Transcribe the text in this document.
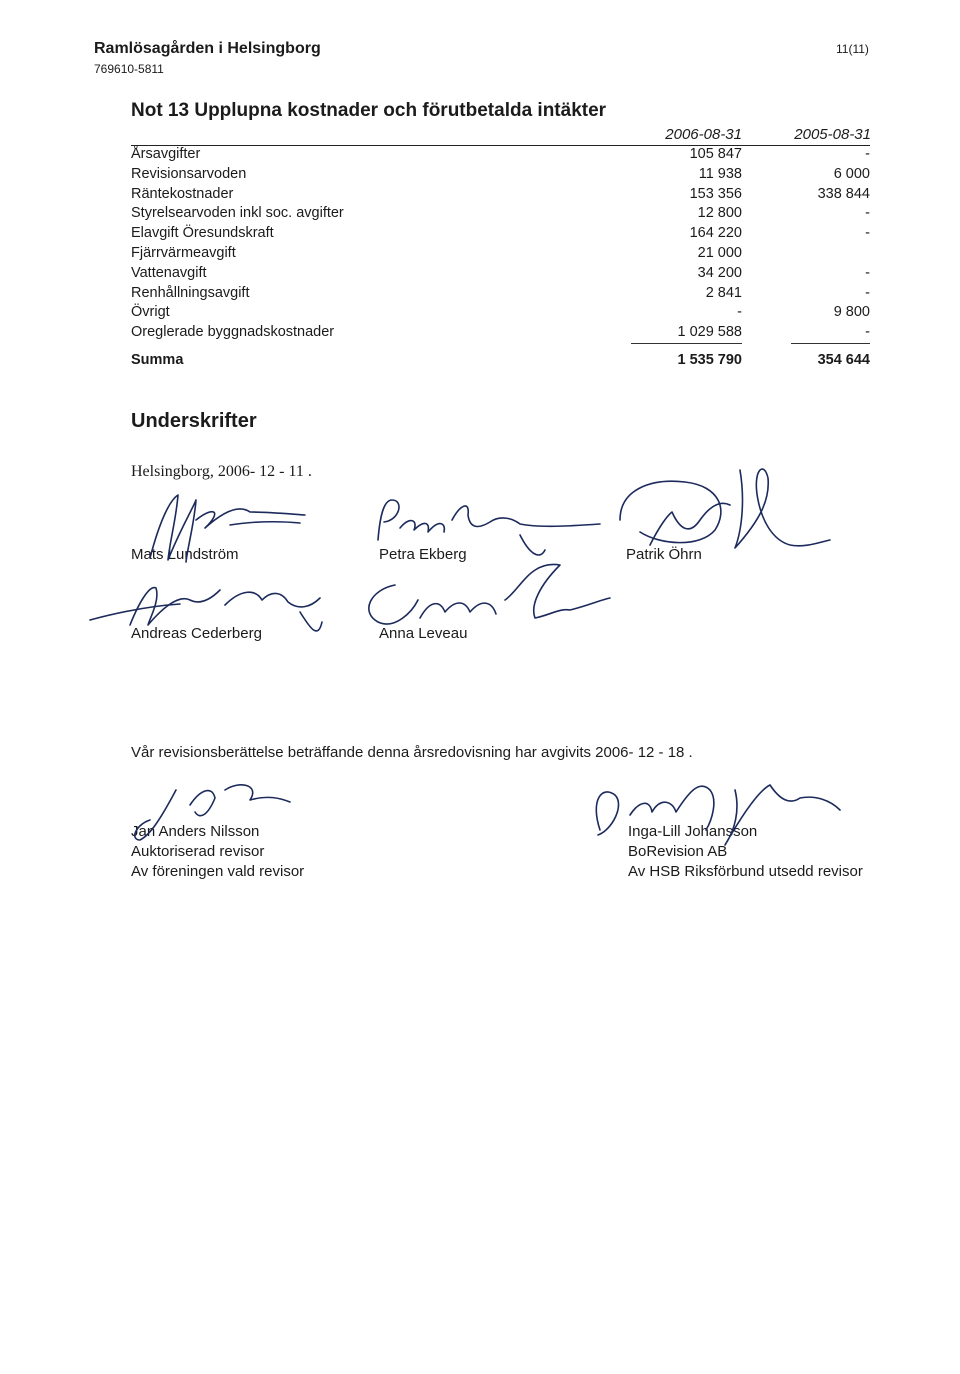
Ramlösagården i Helsingborg
769610-5811
11(11)
Not 13 Upplupna kostnader och förutbetalda intäkter
2006-08-31	2005-08-31
Årsavgifter	105 847	-
Revisionsarvoden	11 938	6 000
Räntekostnader	153 356	338 844
Styrelsearvoden inkl soc. avgifter	12 800	-
Elavgift Öresundskraft	164 220	-
Fjärrvärmeavgift	21 000	
Vattenavgift	34 200	-
Renhållningsavgift	2 841	-
Övrigt	-	9 800
Oreglerade byggnadskostnader	1 029 588	-
Summa	1 535 790	354 644
Underskrifter
Helsingborg, 2006- 12 - 11 .
Mats Lundström	Petra Ekberg	Patrik Öhrn
Andreas Cederberg	Anna Leveau
Vår revisionsberättelse beträffande denna årsredovisning har avgivits 2006- 12 - 18 .
Jan Anders Nilsson
Auktoriserad revisor
Av föreningen vald revisor
Inga-Lill Johansson
BoRevision AB
Av HSB Riksförbund utsedd revisor
